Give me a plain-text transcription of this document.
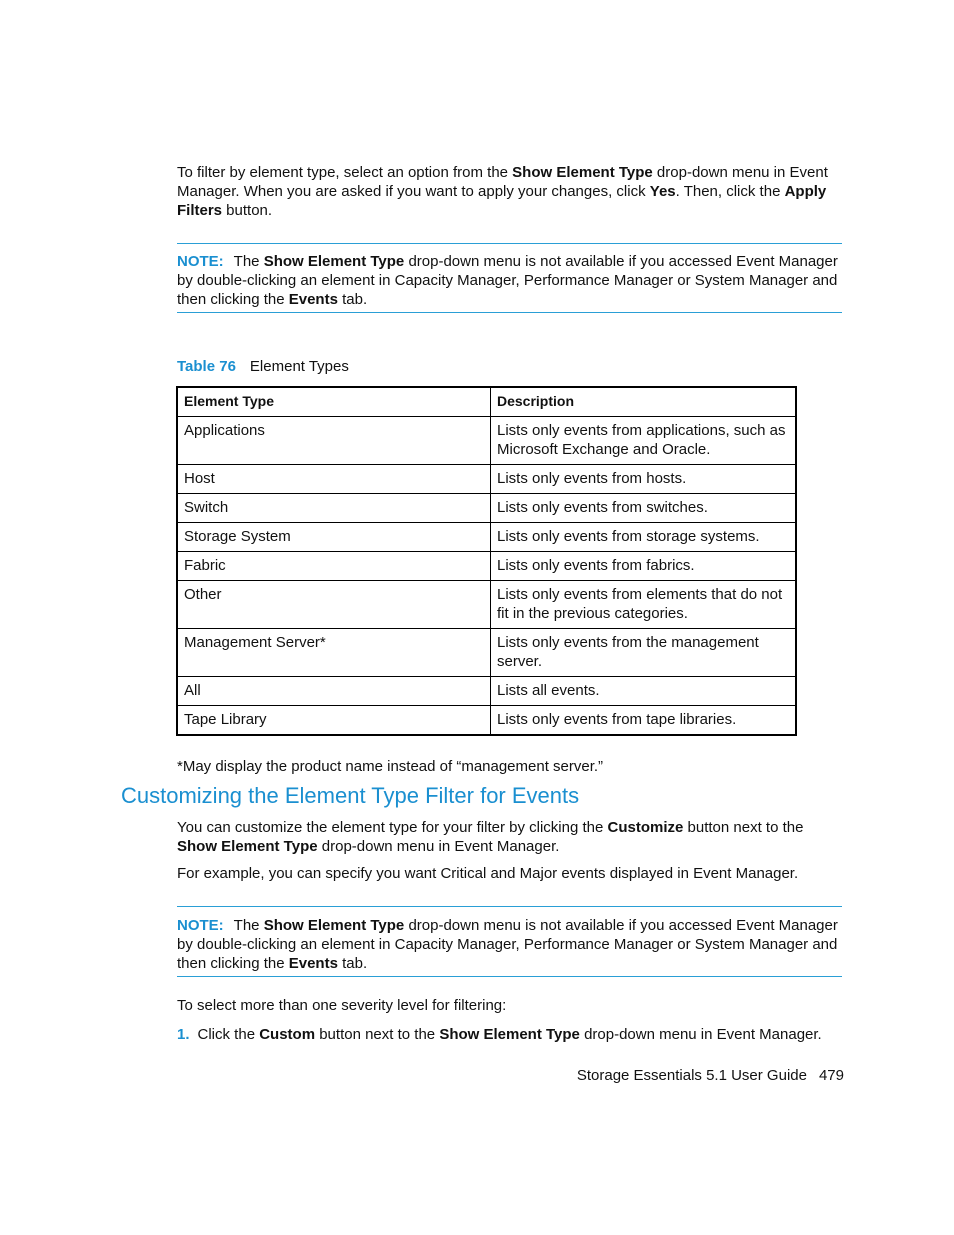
To filter by element type, select an option from the Show Element Type drop-down menu in Event Manager. When you are asked if you want to apply your changes, click Yes. Then, click the Apply Filters button.
NOTE: The Show Element Type drop-down menu is not available if you accessed Event Manager by double-clicking an element in Capacity Manager, Performance Manager or System Manager and then clicking the Events tab.
Table 76 Element Types
Element Type	Description
Applications	Lists only events from applications, such as Microsoft Exchange and Oracle.
Host	Lists only events from hosts.
Switch	Lists only events from switches.
Storage System	Lists only events from storage systems.
Fabric	Lists only events from fabrics.
Other	Lists only events from elements that do not fit in the previous categories.
Management Server*	Lists only events from the management server.
All	Lists all events.
Tape Library	Lists only events from tape libraries.
*May display the product name instead of “management server.”
Customizing the Element Type Filter for Events
You can customize the element type for your filter by clicking the Customize button next to the Show Element Type drop-down menu in Event Manager.
For example, you can specify you want Critical and Major events displayed in Event Manager.
NOTE: The Show Element Type drop-down menu is not available if you accessed Event Manager by double-clicking an element in Capacity Manager, Performance Manager or System Manager and then clicking the Events tab.
To select more than one severity level for filtering:
1. Click the Custom button next to the Show Element Type drop-down menu in Event Manager.
Storage Essentials 5.1 User Guide 479
